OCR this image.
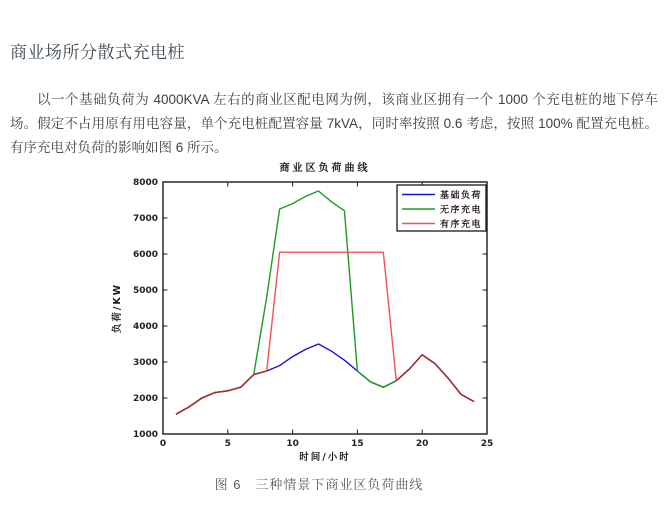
商业场所分散式充电桩

以一个基础负荷为 4000KVA 左右的商业区配电网为例，该商业区拥有一个 1000 个充电桩的地下停车场。假定不占用原有用电容量，单个充电桩配置容量 7kVA，同时率按照 0.6 考虑，按照 100% 配置充电桩。有序充电对负荷的影响如图 6 所示。

商业区负荷曲线
时间/小时
负荷/KW
0	5	10	15	20	25
1000
2000
3000
4000
5000
6000
7000
8000
基础负荷
无序充电
有序充电
图 6　三种情景下商业区负荷曲线
